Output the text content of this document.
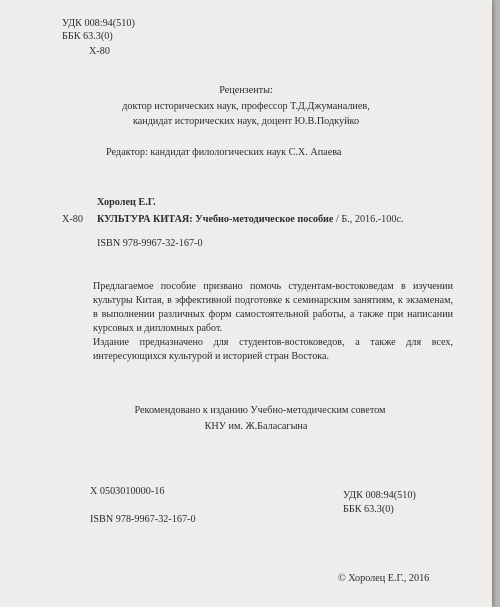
УДК 008:94(510)

ББК 63.3(0)

Х-80

Рецензенты:

доктор исторических наук, профессор Т.Д.Джуманалиев,

кандидат исторических наук, доцент Ю.В.Подкуйко

Редактор: кандидат филологических наук С.Х. Апаева

Хоролец Е.Г.

Х-80 КУЛЬТУРА КИТАЯ: Учебно-методическое пособие / Б., 2016.-100с.

ISBN 978-9967-32-167-0

Предлагаемое пособие призвано помочь студентам-востоковедам в изучении культуры Китая, в эффективной подготовке к семинарским занятиям, к экзаменам, в выполнении различных форм самостоятельной работы, а также при написании курсовых и дипломных работ.

Издание предназначено для студентов-востоковедов, а также для всех, интересующихся культурой и историей стран Востока.

Рекомендовано к изданию Учебно-методическим советом

КНУ им. Ж.Баласагына

Х 0503010000-16

ISBN 978-9967-32-167-0

УДК 008:94(510)

ББК 63.3(0)

© Хоролец Е.Г., 2016
